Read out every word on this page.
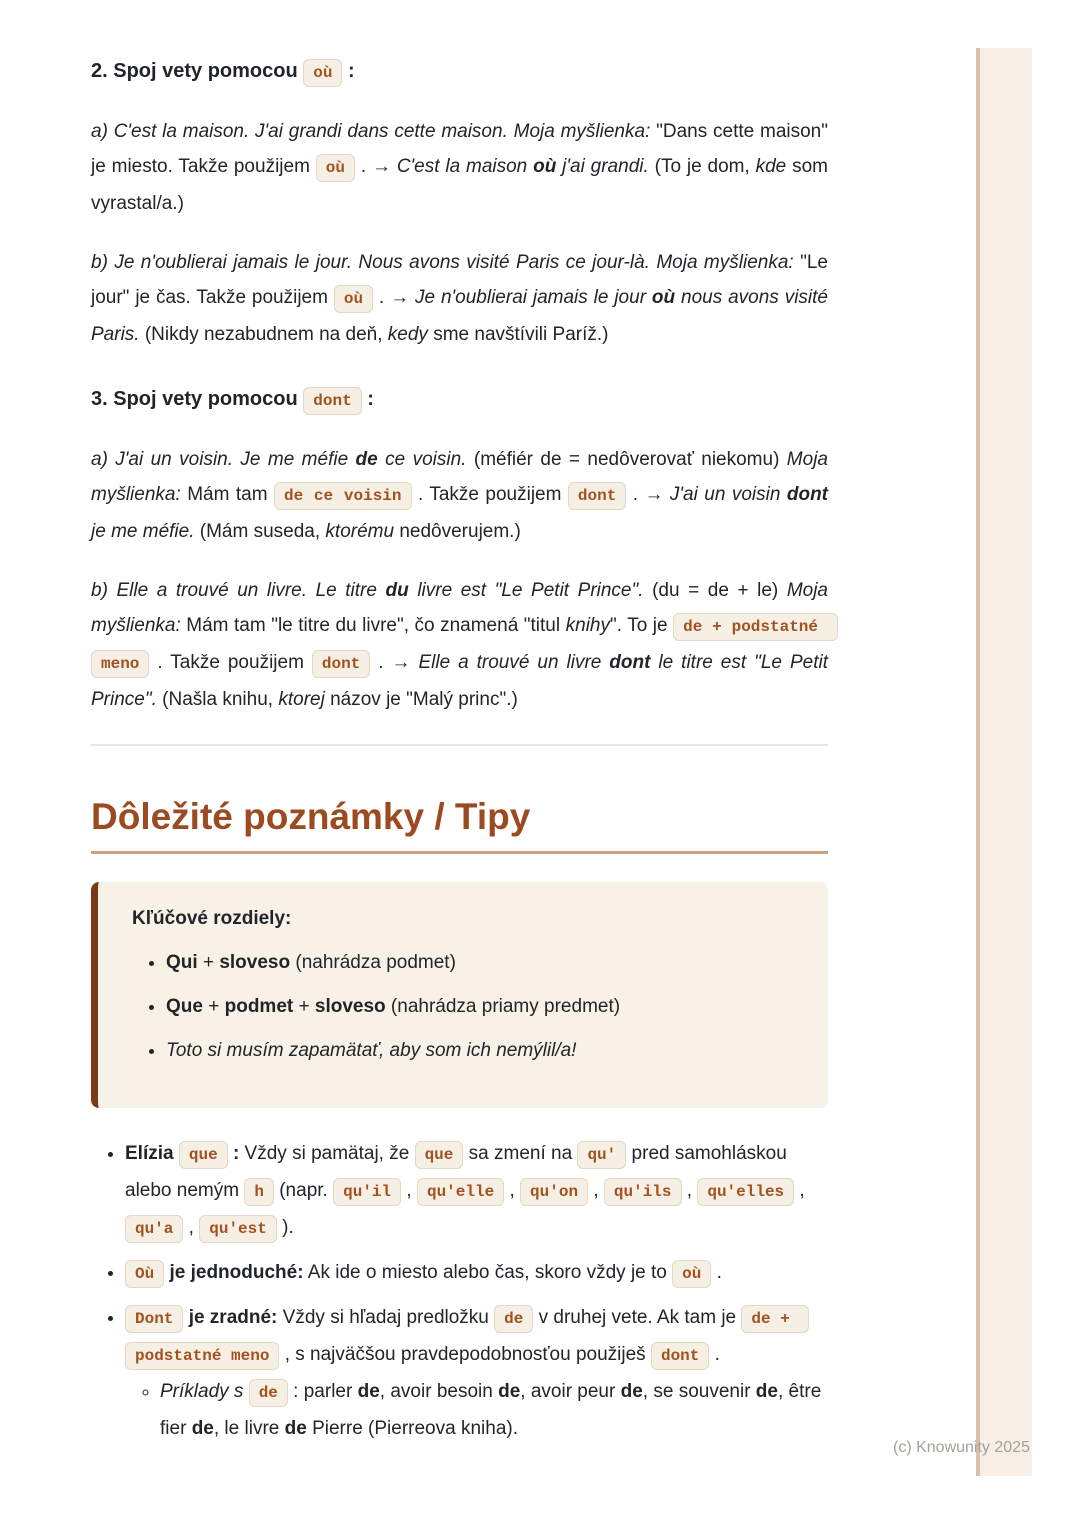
2. Spoj vety pomocou où :

a) C'est la maison. J'ai grandi dans cette maison. Moja myšlienka: "Dans cette maison" je miesto. Takže použijem où . → C'est la maison où j'ai grandi. (To je dom, kde som vyrastal/a.)

b) Je n'oublierai jamais le jour. Nous avons visité Paris ce jour-là. Moja myšlienka: "Le jour" je čas. Takže použijem où . → Je n'oublierai jamais le jour où nous avons visité Paris. (Nikdy nezabudnem na deň, kedy sme navštívili Paríž.)

3. Spoj vety pomocou dont :

a) J'ai un voisin. Je me méfie de ce voisin. (méfiér de = nedôverovať niekomu) Moja myšlienka: Mám tam de ce voisin . Takže použijem dont . → J'ai un voisin dont je me méfie. (Mám suseda, ktorému nedôverujem.)

b) Elle a trouvé un livre. Le titre du livre est "Le Petit Prince". (du = de + le) Moja myšlienka: Mám tam "le titre du livre", čo znamená "titul knihy". To je de + podstatné meno . Takže použijem dont . → Elle a trouvé un livre dont le titre est "Le Petit Prince". (Našla knihu, ktorej názov je "Malý princ".)

Dôležité poznámky / Tipy
Kľúčové rozdiely:
• Qui + sloveso (nahrádza podmet)
• Que + podmet + sloveso (nahrádza priamy predmet)
• Toto si musím zapamätať, aby som ich nemýlil/a!
• Elízia que : Vždy si pamätaj, že que sa zmení na qu' pred samohláskou alebo nemým h (napr. qu'il , qu'elle , qu'on , qu'ils , qu'elles , qu'a , qu'est ).
• Où je jednoduché: Ak ide o miesto alebo čas, skoro vždy je to où .
• Dont je zradné: Vždy si hľadaj predložku de v druhej vete. Ak tam je de + podstatné meno , s najväčšou pravdepodobnosťou použiješ dont .
◦ Príklady s de : parler de, avoir besoin de, avoir peur de, se souvenir de, être fier de, le livre de Pierre (Pierreova kniha).
(c) Knowunity 2025
